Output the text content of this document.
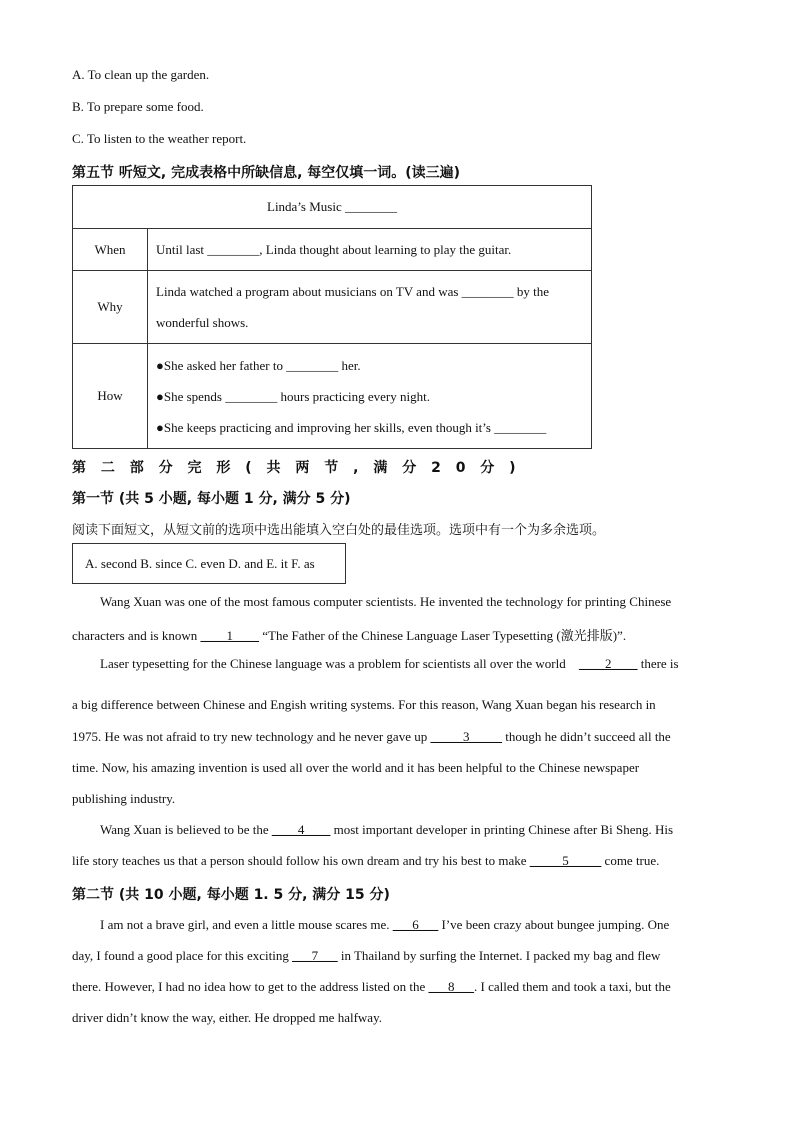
A. To clean up the garden.
B. To prepare some food.
C. To listen to the weather report.
第五节 听短文, 完成表格中所缺信息, 每空仅填一词。(读三遍)
Linda’s Music ________	
When	Until last ________, Linda thought about learning to play the guitar.
Why	Linda watched a program about musicians on TV and was ________ by the
wonderful shows.

How	●She asked her father to ________ her.
●She spends ________ hours practicing every night.
●She keeps practicing and improving her skills, even though it’s ________
第 二 部 分 完 形 ( 共 两 节 , 满 分 2 0 分 )
第一节 (共 5 小题, 每小题 1 分, 满分 5 分)
阅读下面短文，从短文前的选项中选出能填入空白处的最佳选项。选项中有一个为多余选项。
A. second B. since C. even D. and E. it F. as
Wang Xuan was one of the most famous computer scientists. He invented the technology for printing Chinese
characters and is known ____1____ “The Father of the Chinese Language Laser Typesetting (激光排版)”.
Laser typesetting for the Chinese language was a problem for scientists all over the world ____2____ there is
a big difference between Chinese and Engish writing systems. For this reason, Wang Xuan began his research in
1975. He was not afraid to try new technology and he never gave up _____3_____ though he didn’t succeed all the
time. Now, his amazing invention is used all over the world and it has been helpful to the Chinese newspaper
publishing industry.
Wang Xuan is believed to be the ____4____ most important developer in printing Chinese after Bi Sheng. His
life story teaches us that a person should follow his own dream and try his best to make _____5_____ come true.
第二节 (共 10 小题, 每小题 1. 5 分, 满分 15 分)
I am not a brave girl, and even a little mouse scares me. ___6___ I’ve been crazy about bungee jumping. One
day, I found a good place for this exciting ___7___ in Thailand by surfing the Internet. I packed my bag and flew
there. However, I had no idea how to get to the address listed on the ___8___. I called them and took a taxi, but the
driver didn’t know the way, either. He dropped me halfway.
